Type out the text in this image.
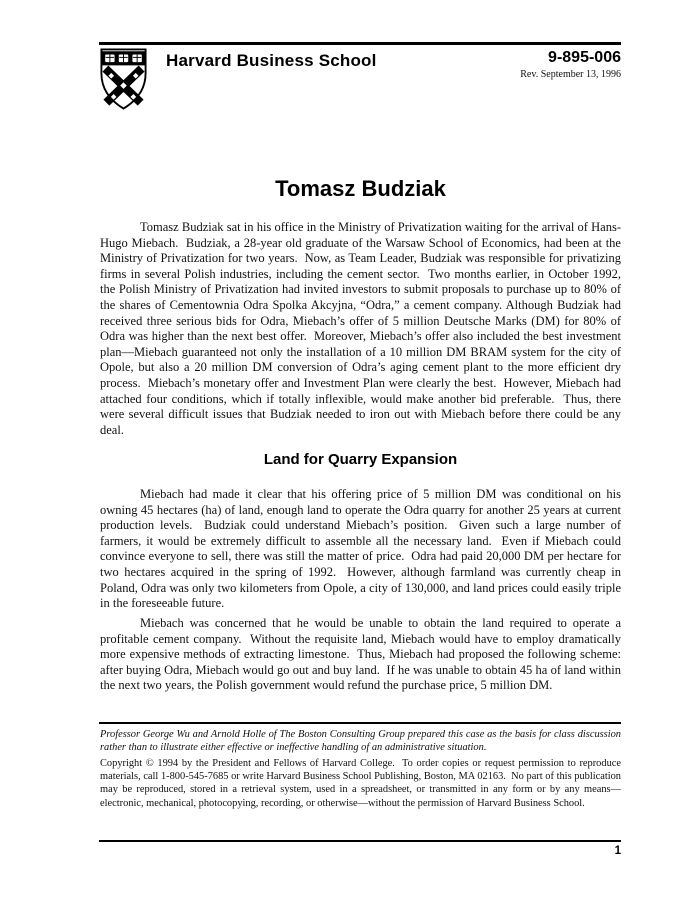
Harvard Business School	9-895-006
Rev. September 13, 1996
Tomasz Budziak

Tomasz Budziak sat in his office in the Ministry of Privatization waiting for the arrival of Hans-Hugo Miebach.  Budziak, a 28-year old graduate of the Warsaw School of Economics, had been at the Ministry of Privatization for two years.  Now, as Team Leader, Budziak was responsible for privatizing firms in several Polish industries, including the cement sector.  Two months earlier, in October 1992, the Polish Ministry of Privatization had invited investors to submit proposals to purchase up to 80% of the shares of Cementownia Odra Spolka Akcyjna, “Odra,” a cement company. Although Budziak had received three serious bids for Odra, Miebach’s offer of 5 million Deutsche Marks (DM) for 80% of Odra was higher than the next best offer.  Moreover, Miebach’s offer also included the best investment plan—Miebach guaranteed not only the installation of a 10 million DM BRAM system for the city of Opole, but also a 20 million DM conversion of Odra’s aging cement plant to the more efficient dry process.  Miebach’s monetary offer and Investment Plan were clearly the best.  However, Miebach had attached four conditions, which if totally inflexible, would make another bid preferable.  Thus, there were several difficult issues that Budziak needed to iron out with Miebach before there could be any deal.

Land for Quarry Expansion

Miebach had made it clear that his offering price of 5 million DM was conditional on his owning 45 hectares (ha) of land, enough land to operate the Odra quarry for another 25 years at current production levels.  Budziak could understand Miebach’s position.  Given such a large number of farmers, it would be extremely difficult to assemble all the necessary land.  Even if Miebach could convince everyone to sell, there was still the matter of price.  Odra had paid 20,000 DM per hectare for two hectares acquired in the spring of 1992.  However, although farmland was currently cheap in Poland, Odra was only two kilometers from Opole, a city of 130,000, and land prices could easily triple in the foreseeable future.

Miebach was concerned that he would be unable to obtain the land required to operate a profitable cement company.  Without the requisite land, Miebach would have to employ dramatically more expensive methods of extracting limestone.  Thus, Miebach had proposed the following scheme: after buying Odra, Miebach would go out and buy land.  If he was unable to obtain 45 ha of land within the next two years, the Polish government would refund the purchase price, 5 million DM.

Professor George Wu and Arnold Holle of The Boston Consulting Group prepared this case as the basis for class discussion rather than to illustrate either effective or ineffective handling of an administrative situation.

Copyright © 1994 by the President and Fellows of Harvard College.  To order copies or request permission to reproduce materials, call 1-800-545-7685 or write Harvard Business School Publishing, Boston, MA 02163.  No part of this publication may be reproduced, stored in a retrieval system, used in a spreadsheet, or transmitted in any form or by any means—electronic, mechanical, photocopying, recording, or otherwise—without the permission of Harvard Business School.

1
